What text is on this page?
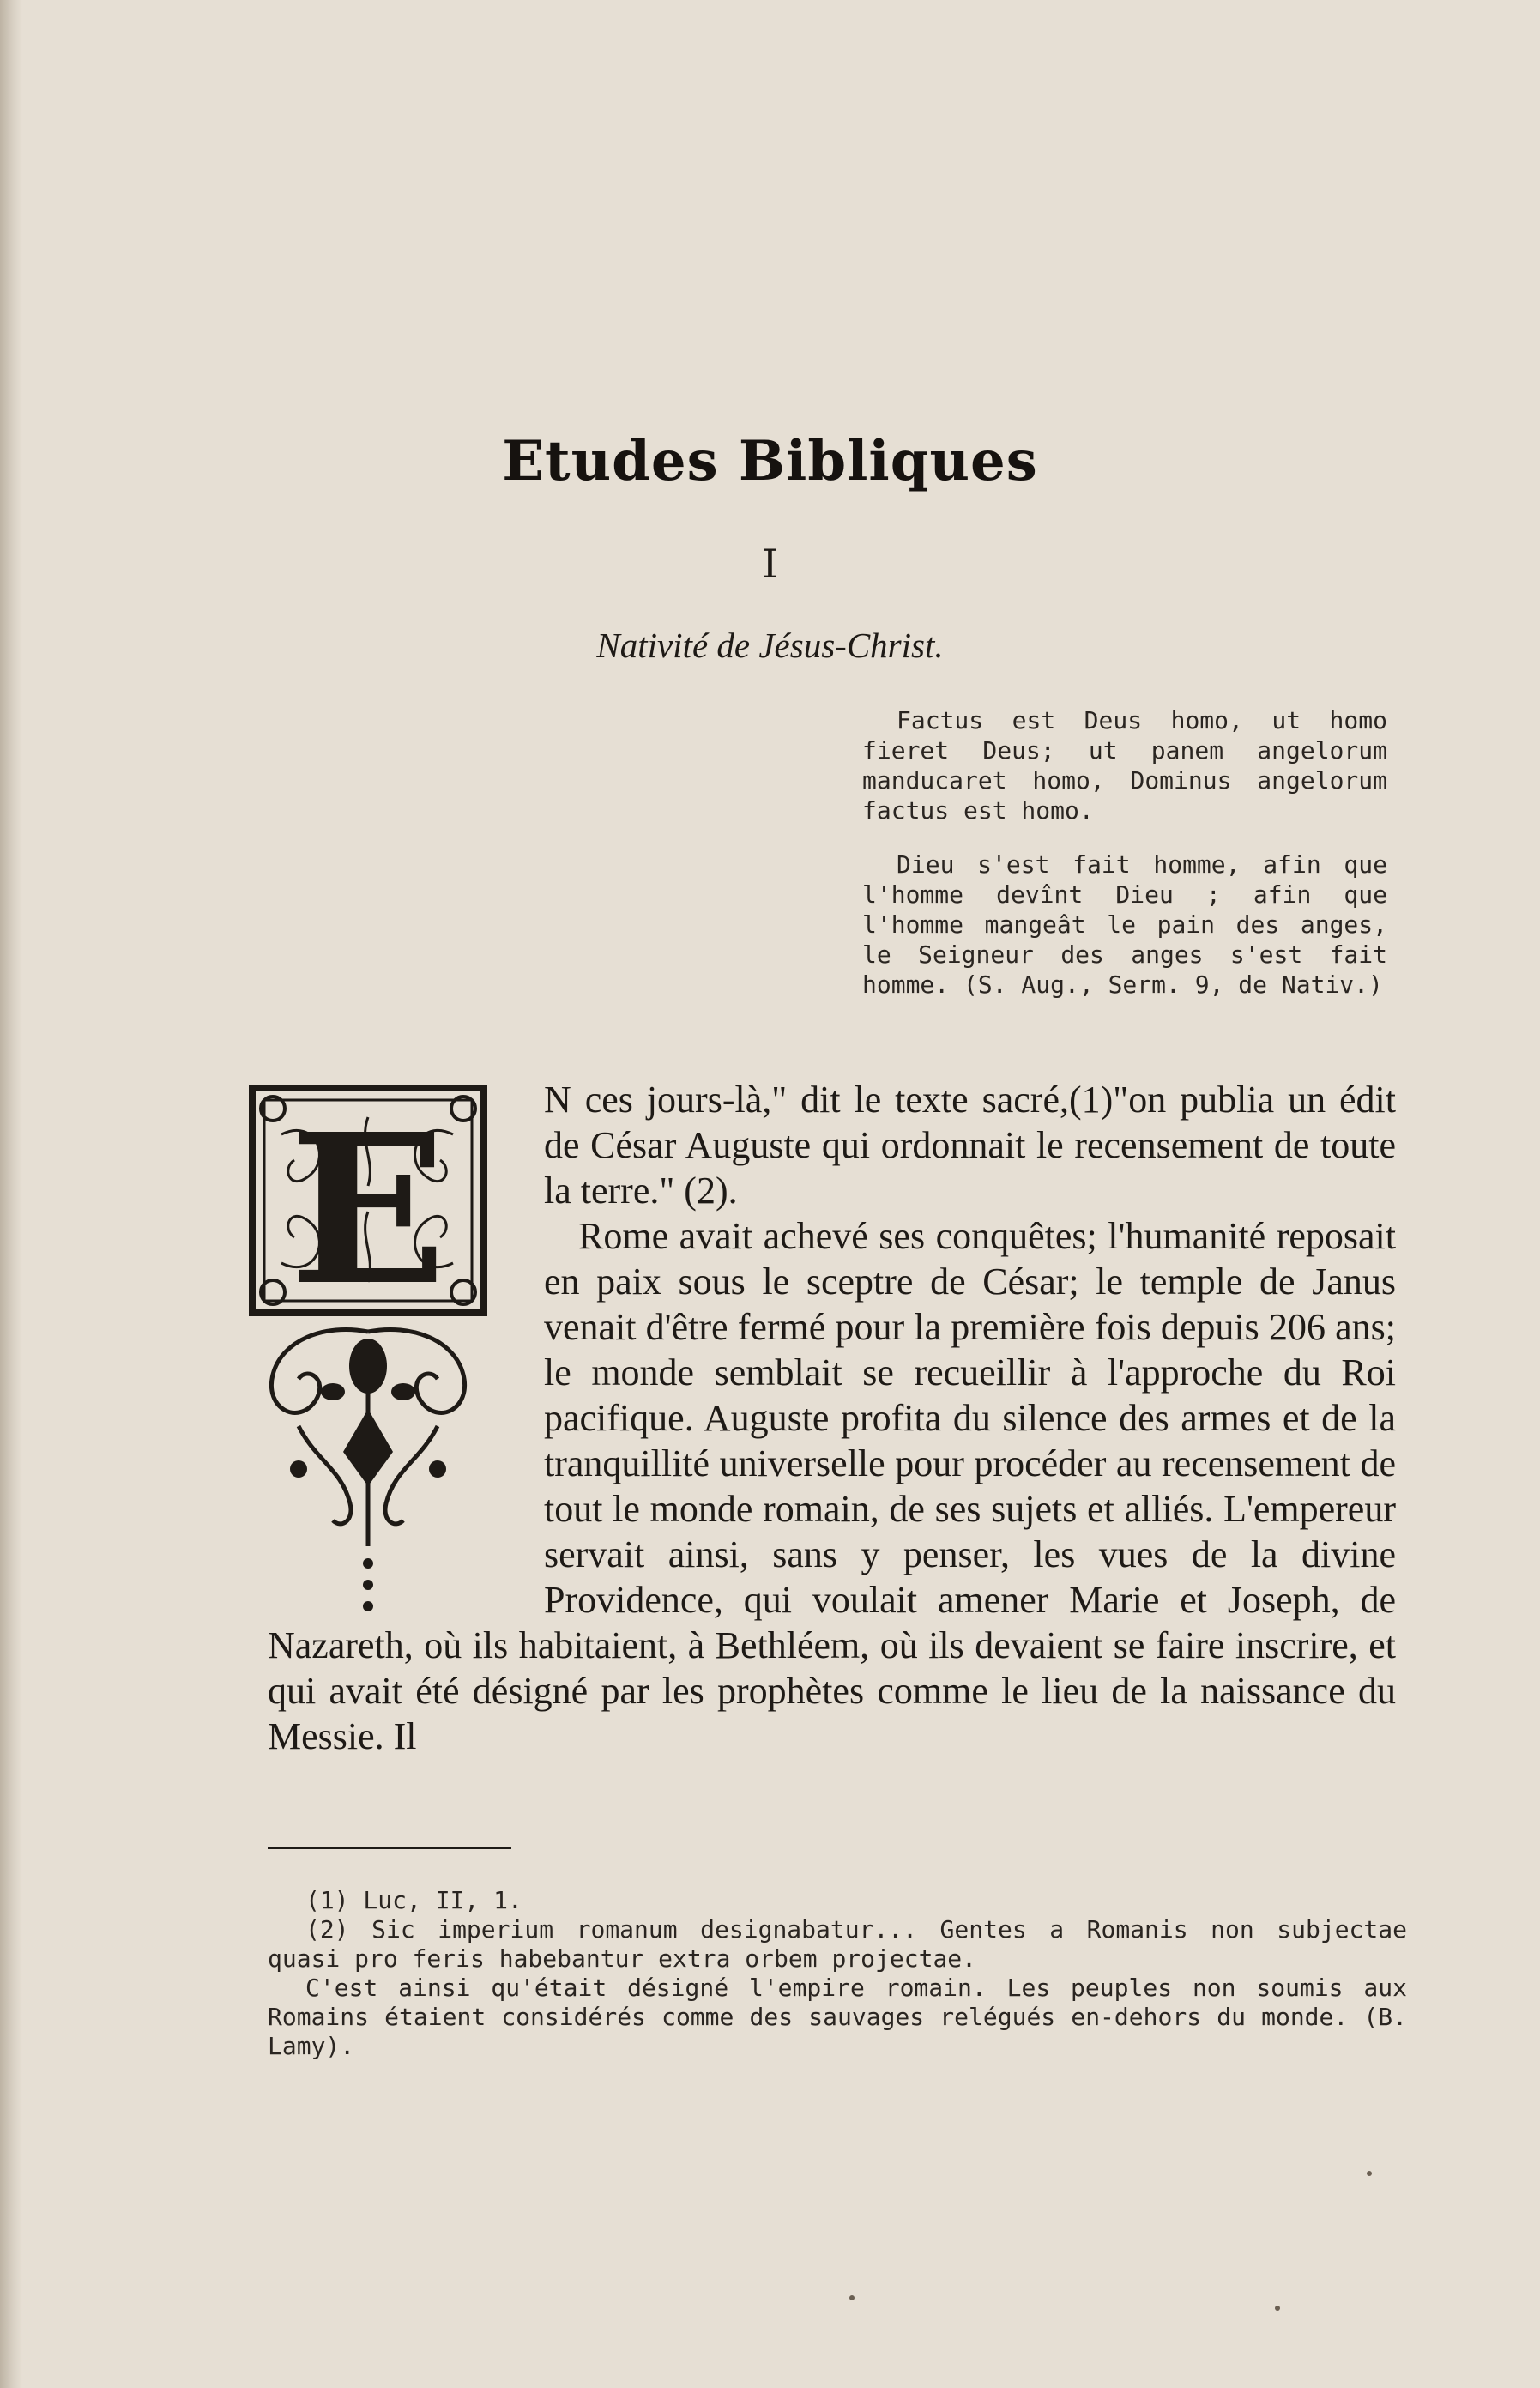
Etudes Bibliques
I
Nativité de Jésus-Christ.
Factus est Deus homo, ut homo fieret Deus; ut panem angelorum manducaret homo, Dominus angelorum factus est homo.
Dieu s'est fait homme, afin que l'homme devînt Dieu ; afin que l'homme mangeât le pain des anges, le Seigneur des anges s'est fait homme. (S. Aug., Serm. 9, de Nativ.)
E	N ces jours-là," dit le texte sacré,(1)"on publia un édit de César Auguste qui ordonnait le recensement de toute la terre." (2).

Rome avait achevé ses conquêtes; l'humanité reposait en paix sous le sceptre de César; le temple de Janus venait d'être fermé pour la première fois depuis 206 ans; le monde semblait se recueillir à l'approche du Roi pacifique. Auguste profita du silence des armes et de la tranquillité universelle pour procéder au recensement de tout le monde romain, de ses sujets et alliés. L'empereur servait ainsi, sans y penser, les vues de la divine Providence, qui voulait amener Marie et Joseph, de Nazareth, où ils habitaient, à Bethléem, où ils devaient se faire inscrire, et qui avait été désigné par les prophètes comme le lieu de la naissance du Messie. Il

(1) Luc, II, 1.
(2) Sic imperium romanum designabatur... Gentes a Romanis non subjectae quasi pro feris habebantur extra orbem projectae.
C'est ainsi qu'était désigné l'empire romain. Les peuples non soumis aux Romains étaient considérés comme des sauvages relégués en-dehors du monde. (B. Lamy).
